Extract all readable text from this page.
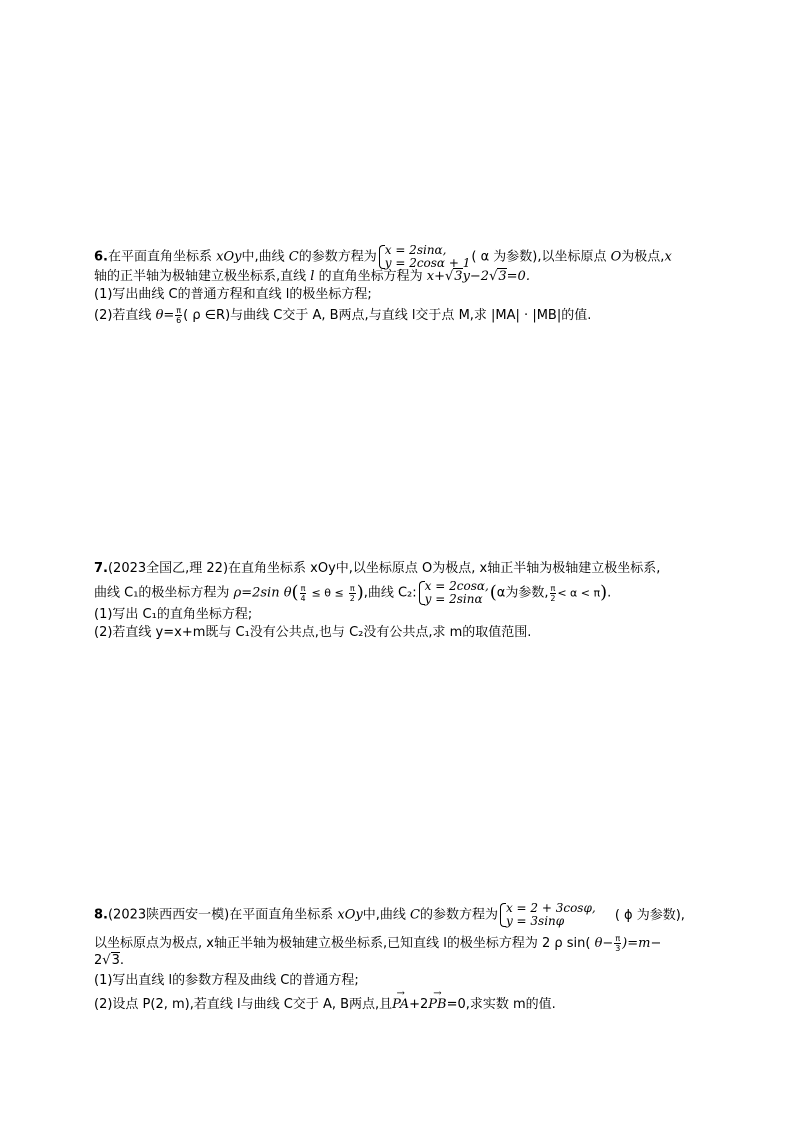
6.在平面直角坐标系 xOy中,曲线 C的参数方程为 x = 2sinα,
y = 2cosα + 1 ( α 为参数),以坐标原点 O为极点,x
轴的正半轴为极轴建立极坐标系,直线 l 的直角坐标方程为 x+√3y−2√3=0.
(1)写出曲线 C的普通方程和直线 l的极坐标方程;
(2)若直线 $\theta= \frac{\pi}{6}$ ( ρ ∈R)与曲线 C交于 A, B两点,与直线 l交于点 M,求 |MA| · |MB|的值.
7.(2023全国乙,理 22)在直角坐标系 xOy中,以坐标原点 O为极点, x轴正半轴为极轴建立极坐标系,
曲线 C₁的极坐标方程为 ρ=2sin $\theta( \frac{\pi}{4} \le \theta \le \frac{\pi}{2}$ ),曲线 C₂: x = 2cosα,
y = 2sinα (α为参数, $\frac{\pi}{2} < \alpha < \pi$).
(1)写出 C₁的直角坐标方程;
(2)若直线 y=x+m既与 C₁没有公共点,也与 C₂没有公共点,求 m的取值范围.
8.(2023陕西西安一模)在平面直角坐标系 xOy中,曲线 C的参数方程为 x = 2 + 3cosφ,
y = 3sinφ	( ϕ 为参数),
以坐标原点为极点, x轴正半轴为极轴建立极坐标系,已知直线 l的极坐标方程为 2 ρ sin( $\theta- \frac{\pi}{3} )=m-$
2√3.
(1)写出直线 l的参数方程及曲线 C的普通方程;
(2)设点 P(2, m),若直线 l与曲线 C交于 A, B两点,且→ PA+2→ PB=0,求实数 m的值.
